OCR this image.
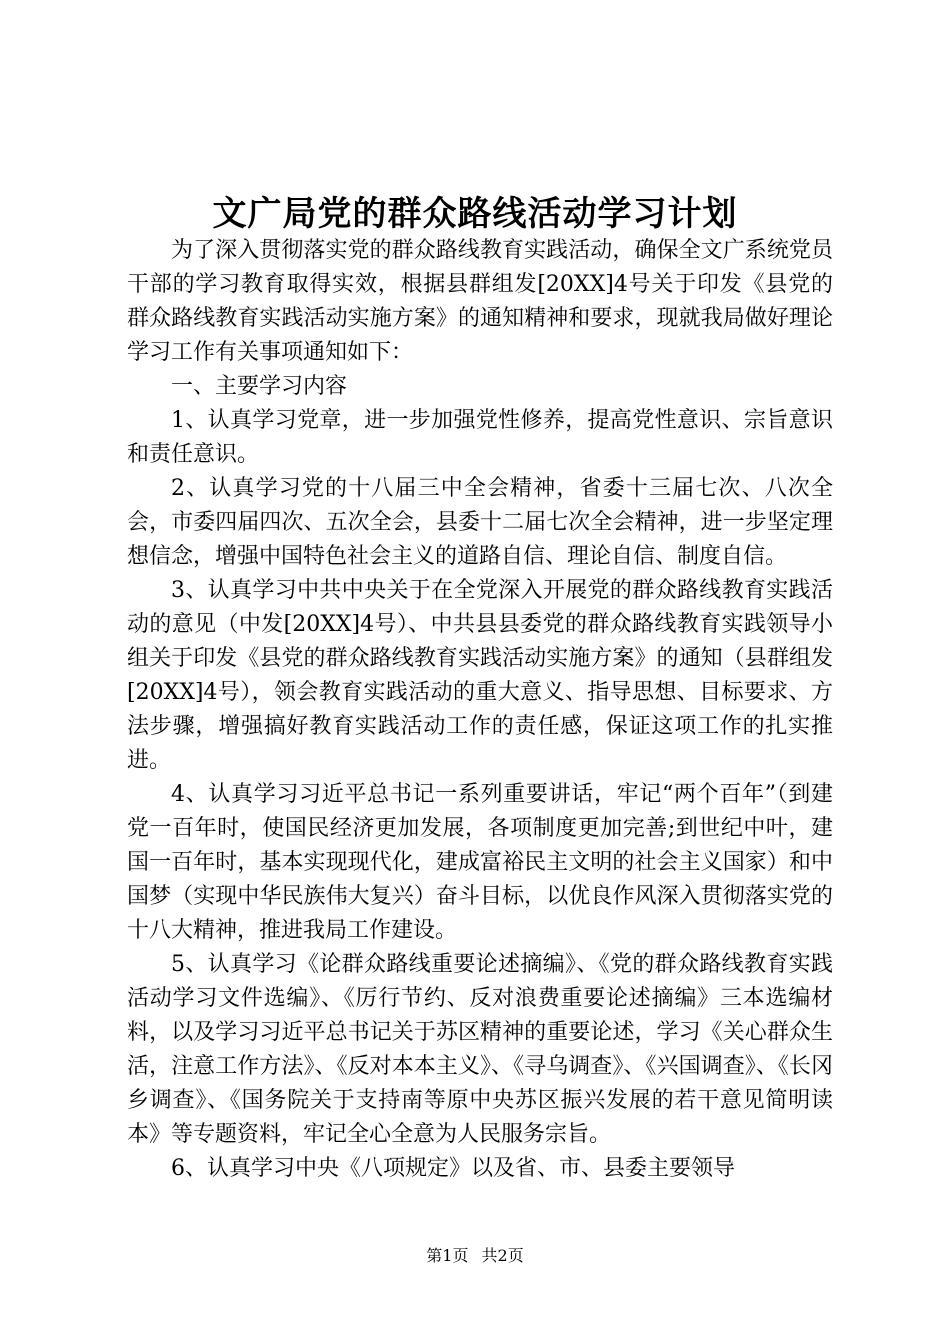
文广局党的群众路线活动学习计划

为了深入贯彻落实党的群众路线教育实践活动，确保全文广系统党员干部的学习教育取得实效，根据县群组发[20XX]4号关于印发《县党的群众路线教育实践活动实施方案》的通知精神和要求，现就我局做好理论学习工作有关事项通知如下：

一、主要学习内容

1、认真学习党章，进一步加强党性修养，提高党性意识、宗旨意识和责任意识。

2、认真学习党的十八届三中全会精神，省委十三届七次、八次全会，市委四届四次、五次全会，县委十二届七次全会精神，进一步坚定理想信念，增强中国特色社会主义的道路自信、理论自信、制度自信。

3、认真学习中共中央关于在全党深入开展党的群众路线教育实践活动的意见（中发[20XX]4号）、中共县县委党的群众路线教育实践领导小组关于印发《县党的群众路线教育实践活动实施方案》的通知（县群组发[20XX]4号），领会教育实践活动的重大意义、指导思想、目标要求、方法步骤，增强搞好教育实践活动工作的责任感，保证这项工作的扎实推进。

4、认真学习习近平总书记一系列重要讲话，牢记“两个百年”（到建党一百年时，使国民经济更加发展，各项制度更加完善;到世纪中叶，建国一百年时，基本实现现代化，建成富裕民主文明的社会主义国家）和中国梦（实现中华民族伟大复兴）奋斗目标，以优良作风深入贯彻落实党的十八大精神，推进我局工作建设。

5、认真学习《论群众路线重要论述摘编》、《党的群众路线教育实践活动学习文件选编》、《厉行节约、反对浪费重要论述摘编》三本选编材料，以及学习习近平总书记关于苏区精神的重要论述，学习《关心群众生活，注意工作方法》、《反对本本主义》、《寻乌调查》、《兴国调查》、《长冈乡调查》、《国务院关于支持南等原中央苏区振兴发展的若干意见简明读本》等专题资料，牢记全心全意为人民服务宗旨。

6、认真学习中央《八项规定》以及省、市、县委主要领导

第1页 共2页
